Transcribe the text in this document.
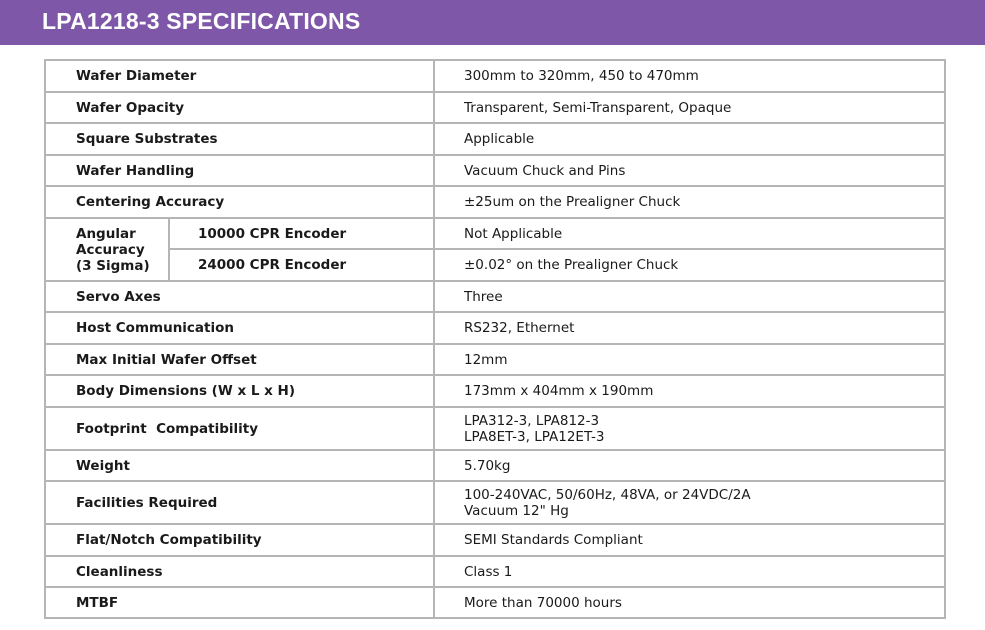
LPA1218-3 SPECIFICATIONS
Wafer Diameter		300mm to 320mm, 450 to 470mm
Wafer Opacity		Transparent, Semi-Transparent, Opaque
Square Substrates		Applicable
Wafer Handling		Vacuum Chuck and Pins
Centering Accuracy		±25um on the Prealigner Chuck

Angular
Accuracy
(3 Sigma)	10000 CPR Encoder	Not Applicable
	24000 CPR Encoder	±0.02° on the Prealigner Chuck
Servo Axes		Three
Host Communication		RS232, Ethernet
Max Initial Wafer Offset		12mm
Body Dimensions (W x L x H)		173mm x 404mm x 190mm
Footprint  Compatibility		LPA312-3, LPA812-3
LPA8ET-3, LPA12ET-3

Weight		5.70kg
Facilities Required		100-240VAC, 50/60Hz, 48VA, or 24VDC/2A
Vacuum 12" Hg

Flat/Notch Compatibility		SEMI Standards Compliant
Cleanliness		Class 1
MTBF		More than 70000 hours
